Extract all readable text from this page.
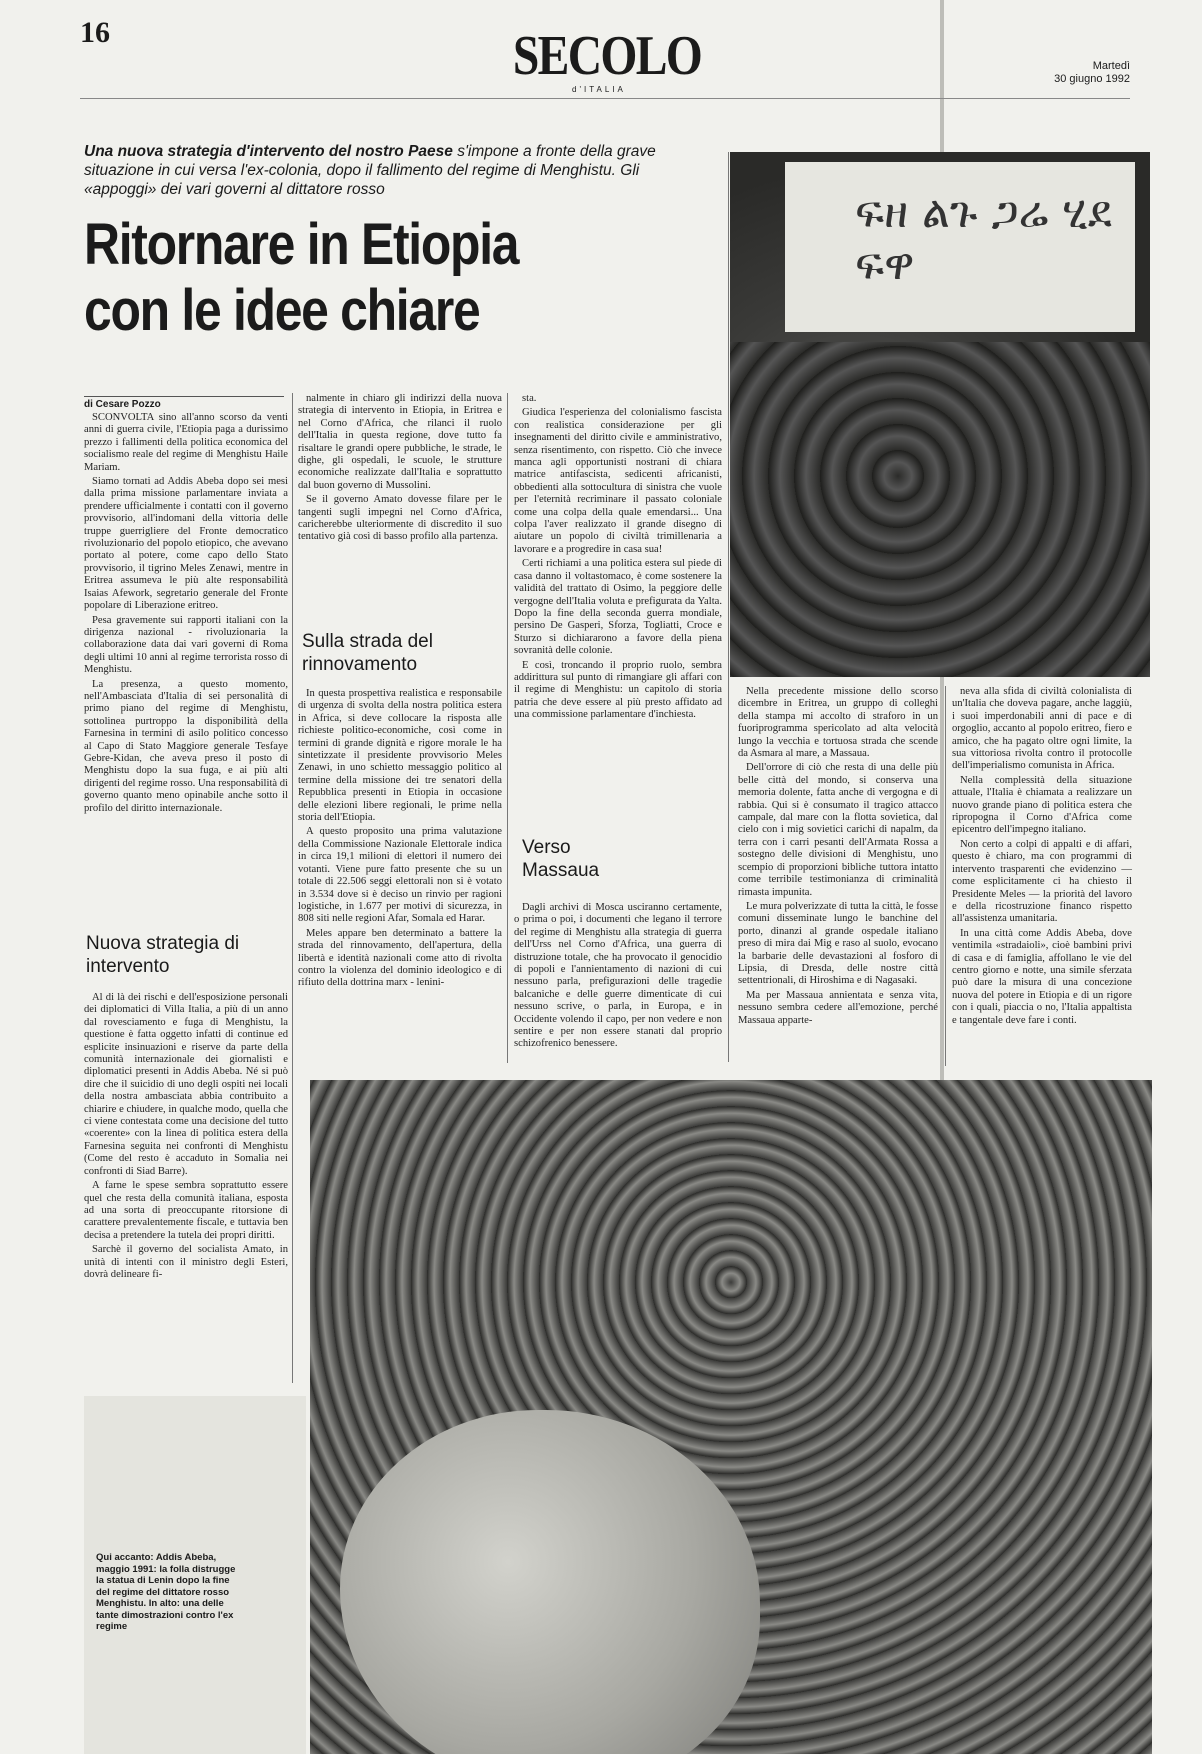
16	SECOLO
d'ITALIA
Martedì
30 giugno 1992
Una nuova strategia d'intervento del nostro Paese s'impone a fronte della grave situazione in cui versa l'ex-colonia, dopo il fallimento del regime di Menghistu. Gli «appoggi» dei vari governi al dittatore rosso
Ritornare in Etiopia
con le idee chiare
di Cesare Pozzo

SCONVOLTA sino all'anno scorso da venti anni di guerra civile, l'Etiopia paga a durissimo prezzo i fallimenti della politica economica del socialismo reale del regime di Menghistu Haile Mariam.

Siamo tornati ad Addis Abeba dopo sei mesi dalla prima missione parlamentare inviata a prendere ufficialmente i contatti con il governo provvisorio, all'indomani della vittoria delle truppe guerrigliere del Fronte democratico rivoluzionario del popolo etiopico, che avevano portato al potere, come capo dello Stato provvisorio, il tigrino Meles Zenawi, mentre in Eritrea assumeva le più alte responsabilità Isaias Afework, segretario generale del Fronte popolare di Liberazione eritreo.

Pesa gravemente sui rapporti italiani con la dirigenza nazional - rivoluzionaria la collaborazione data dai vari governi di Roma degli ultimi 10 anni al regime terrorista rosso di Menghistu.

La presenza, a questo momento, nell'Ambasciata d'Italia di sei personalità di primo piano del regime di Menghistu, sottolinea purtroppo la disponibilità della Farnesina in termini di asilo politico concesso al Capo di Stato Maggiore generale Tesfaye Gebre-Kidan, che aveva preso il posto di Menghistu dopo la sua fuga, e ai più alti dirigenti del regime rosso. Una responsabilità di governo quanto meno opinabile anche sotto il profilo del diritto internazionale.

Nuova strategia di intervento

Al di là dei rischi e dell'esposizione personali dei diplomatici di Villa Italia, a più di un anno dal rovesciamento e fuga di Menghistu, la questione è fatta oggetto infatti di continue ed esplicite insinuazioni e riserve da parte della comunità internazionale dei giornalisti e diplomatici presenti in Addis Abeba. Né si può dire che il suicidio di uno degli ospiti nei locali della nostra ambasciata abbia contribuito a chiarire e chiudere, in qualche modo, quella che ci viene contestata come una decisione del tutto «coerente» con la linea di politica estera della Farnesina seguita nei confronti di Menghistu (Come del resto è accaduto in Somalia nei confronti di Siad Barre).

A farne le spese sembra soprattutto essere quel che resta della comunità italiana, esposta ad una sorta di preoccupante ritorsione di carattere prevalentemente fiscale, e tuttavia ben decisa a pretendere la tutela dei propri diritti.

Sarchè il governo del socialista Amato, in unità di intenti con il ministro degli Esteri, dovrà delineare fi-

nalmente in chiaro gli indirizzi della nuova strategia di intervento in Etiopia, in Eritrea e nel Corno d'Africa, che rilanci il ruolo dell'Italia in questa regione, dove tutto fa risaltare le grandi opere pubbliche, le strade, le dighe, gli ospedali, le scuole, le strutture economiche realizzate dall'Italia e soprattutto dal buon governo di Mussolini.

Se il governo Amato dovesse filare per le tangenti sugli impegni nel Corno d'Africa, caricherebbe ulteriormente di discredito il suo tentativo già così di basso profilo alla partenza.

Sulla strada del rinnovamento

In questa prospettiva realistica e responsabile di urgenza di svolta della nostra politica estera in Africa, si deve collocare la risposta alle richieste politico-economiche, così come in termini di grande dignità e rigore morale le ha sintetizzate il presidente provvisorio Meles Zenawi, in uno schietto messaggio politico al termine della missione dei tre senatori della Repubblica presenti in Etiopia in occasione delle elezioni libere regionali, le prime nella storia dell'Etiopia.

A questo proposito una prima valutazione della Commissione Nazionale Elettorale indica in circa 19,1 milioni di elettori il numero dei votanti. Viene pure fatto presente che su un totale di 22.506 seggi elettorali non si è votato in 3.534 dove si è deciso un rinvio per ragioni logistiche, in 1.677 per motivi di sicurezza, in 808 siti nelle regioni Afar, Somala ed Harar.

Meles appare ben determinato a battere la strada del rinnovamento, dell'apertura, della libertà e identità nazionali come atto di rivolta contro la violenza del dominio ideologico e di rifiuto della dottrina marx - lenini-

sta.

Giudica l'esperienza del colonialismo fascista con realistica considerazione per gli insegnamenti del diritto civile e amministrativo, senza risentimento, con rispetto. Ciò che invece manca agli opportunisti nostrani di chiara matrice antifascista, sedicenti africanisti, obbedienti alla sottocultura di sinistra che vuole per l'eternità recriminare il passato coloniale come una colpa della quale emendarsi... Una colpa l'aver realizzato il grande disegno di aiutare un popolo di civiltà trimillenaria a lavorare e a progredire in casa sua!

Certi richiami a una politica estera sul piede di casa danno il voltastomaco, è come sostenere la validità del trattato di Osimo, la peggiore delle vergogne dell'Italia voluta e prefigurata da Yalta. Dopo la fine della seconda guerra mondiale, persino De Gasperi, Sforza, Togliatti, Croce e Sturzo si dichiararono a favore della piena sovranità delle colonie.

E così, troncando il proprio ruolo, sembra addirittura sul punto di rimangiare gli affari con il regime di Menghistu: un capitolo di storia patria che deve essere al più presto affidato ad una commissione parlamentare d'inchiesta.

Verso Massaua

Dagli archivi di Mosca usciranno certamente, o prima o poi, i documenti che legano il terrore del regime di Menghistu alla strategia di guerra dell'Urss nel Corno d'Africa, una guerra di distruzione totale, che ha provocato il genocidio di popoli e l'annientamento di nazioni di cui nessuno parla, prefigurazioni delle tragedie balcaniche e delle guerre dimenticate di cui nessuno scrive, o parla, in Europa, e in Occidente volendo il capo, per non vedere e non sentire e per non essere stanati dal proprio schizofrenico benessere.

Nella precedente missione dello scorso dicembre in Eritrea, un gruppo di colleghi della stampa mi accolto di straforo in un fuoriprogramma spericolato ad alta velocità lungo la vecchia e tortuosa strada che scende da Asmara al mare, a Massaua.

Dell'orrore di ciò che resta di una delle più belle città del mondo, si conserva una memoria dolente, fatta anche di vergogna e di rabbia. Qui si è consumato il tragico attacco campale, dal mare con la flotta sovietica, dal cielo con i mig sovietici carichi di napalm, da terra con i carri pesanti dell'Armata Rossa a sostegno delle divisioni di Menghistu, uno scempio di proporzioni bibliche tuttora intatto come terribile testimonianza di criminalità rimasta impunita.

Le mura polverizzate di tutta la città, le fosse comuni disseminate lungo le banchine del porto, dinanzi al grande ospedale italiano preso di mira dai Mig e raso al suolo, evocano la barbarie delle devastazioni al fosforo di Lipsia, di Dresda, delle nostre città settentrionali, di Hiroshima e di Nagasaki.

Ma per Massaua annientata e senza vita, nessuno sembra cedere all'emozione, perché Massaua apparte-

neva alla sfida di civiltà colonialista di un'Italia che doveva pagare, anche laggiù, i suoi imperdonabili anni di pace e di orgoglio, accanto al popolo eritreo, fiero e amico, che ha pagato oltre ogni limite, la sua vittoriosa rivolta contro il protocolle dell'imperialismo comunista in Africa.

Nella complessità della situazione attuale, l'Italia è chiamata a realizzare un nuovo grande piano di politica estera che ripropogna il Corno d'Africa come epicentro dell'impegno italiano.

Non certo a colpi di appalti e di affari, questo è chiaro, ma con programmi di intervento trasparenti che evidenzino — come esplicitamente ci ha chiesto il Presidente Meles — la priorità del lavoro e della ricostruzione financo rispetto all'assistenza umanitaria.

In una città come Addis Abeba, dove ventimila «stradaioli», cioè bambini privi di casa e di famiglia, affollano le vie del centro giorno e notte, una simile sferzata può dare la misura di una concezione nuova del potere in Etiopia e di un rigore con i quali, piaccia o no, l'Italia appaltista e tangentale deve fare i conti.

ፍዘ ልጉ ጋሬ ሂደ ፍዋ
Qui accanto: Addis Abeba, maggio 1991: la folla distrugge la statua di Lenin dopo la fine del regime del dittatore rosso Menghistu. In alto: una delle tante dimostrazioni contro l'ex regime
